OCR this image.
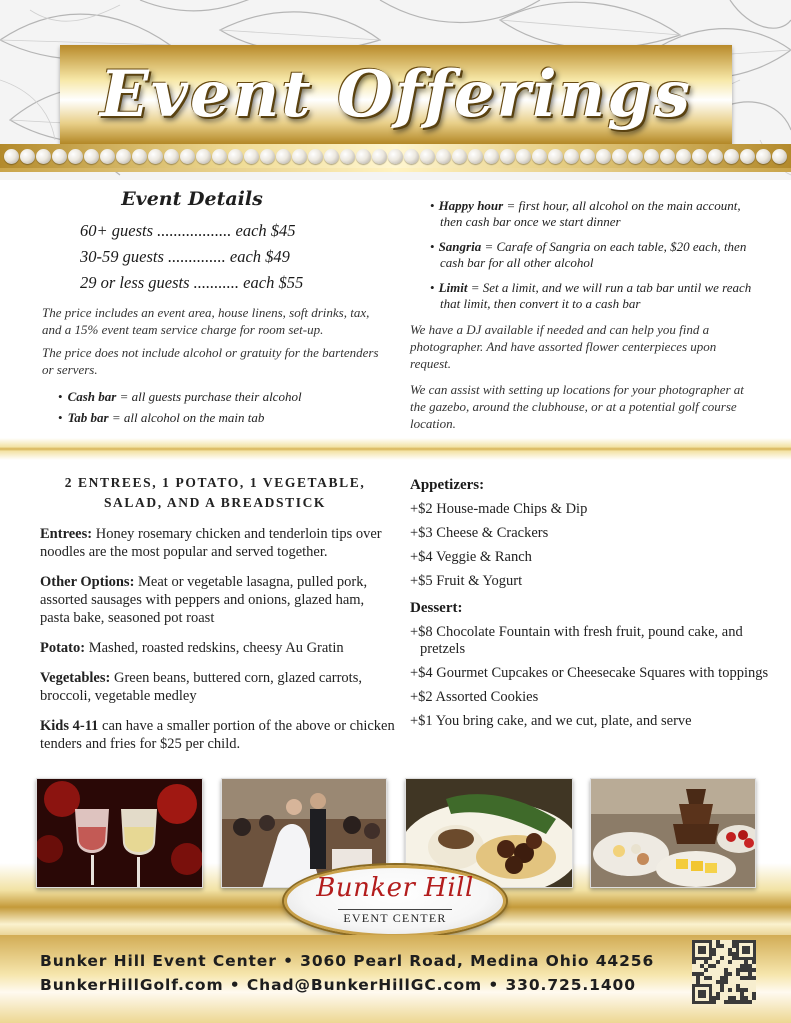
Event Offerings
Event Details
60+ guests .................. each $45
30-59 guests .............. each $49
29 or less guests ........... each $55
The price includes an event area, house linens, soft drinks, tax, and a 15% event team service charge for room set-up.
The price does not include alcohol or gratuity for the bartenders or servers.
• Cash bar = all guests purchase their alcohol
• Tab bar = all alcohol on the main tab
• Happy hour = first hour, all alcohol on the main account, then cash bar once we start dinner
• Sangria = Carafe of Sangria on each table, $20 each, then cash bar for all other alcohol
• Limit = Set a limit, and we will run a tab bar until we reach that limit, then convert it to a cash bar
We have a DJ available if needed and can help you find a photographer. And have assorted flower centerpieces upon request.
We can assist with setting up locations for your photographer at the gazebo, around the clubhouse, or at a potential golf course location.
2 ENTREES, 1 POTATO, 1 VEGETABLE, SALAD, AND A BREADSTICK
Entrees: Honey rosemary chicken and tenderloin tips over noodles are the most popular and served together.
Other Options: Meat or vegetable lasagna, pulled pork, assorted sausages with peppers and onions, glazed ham, pasta bake, seasoned pot roast
Potato: Mashed, roasted redskins, cheesy Au Gratin
Vegetables: Green beans, buttered corn, glazed carrots, broccoli, vegetable medley
Kids 4-11 can have a smaller portion of the above or chicken tenders and fries for $25 per child.
Appetizers:
+$2 House-made Chips & Dip
+$3 Cheese & Crackers
+$4 Veggie & Ranch
+$5 Fruit & Yogurt
Dessert:
+$8 Chocolate Fountain with fresh fruit, pound cake, and pretzels
+$4 Gourmet Cupcakes or Cheesecake Squares with toppings
+$2 Assorted Cookies
+$1 You bring cake, and we cut, plate, and serve
Bunker Hill
EVENT CENTER
Bunker Hill Event Center • 3060 Pearl Road, Medina Ohio 44256
BunkerHillGolf.com • Chad@BunkerHillGC.com • 330.725.1400
